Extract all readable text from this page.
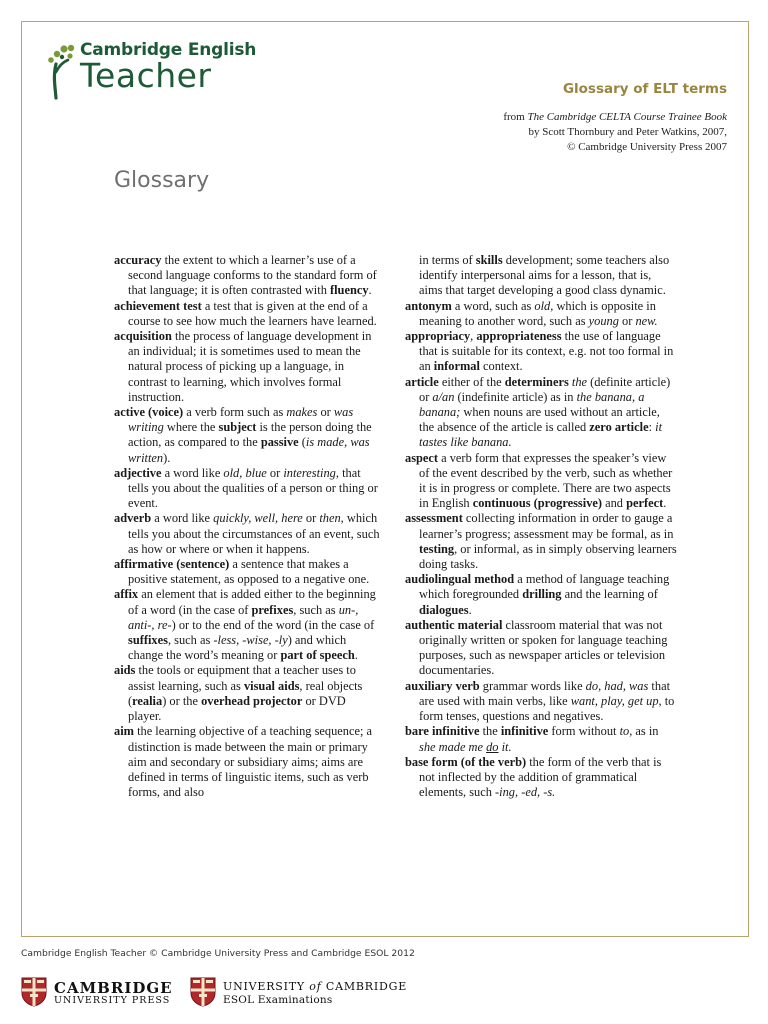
Cambridge English
Teacher	Glossary of ELT terms
from The Cambridge CELTA Course Trainee Book
by Scott Thornbury and Peter Watkins, 2007,
© Cambridge University Press 2007
Glossary

accuracy the extent to which a learner’s use of a second language conforms to the standard form of that language; it is often contrasted with fluency.

achievement test a test that is given at the end of a course to see how much the learners have learned.

acquisition the process of language development in an individual; it is sometimes used to mean the natural process of picking up a language, in contrast to learning, which involves formal instruction.

active (voice) a verb form such as makes or was writing where the subject is the person doing the action, as compared to the passive (is made, was written).

adjective a word like old, blue or interesting, that tells you about the qualities of a person or thing or event.

adverb a word like quickly, well, here or then, which tells you about the circumstances of an event, such as how or where or when it happens.

affirmative (sentence) a sentence that makes a positive statement, as opposed to a negative one.

affix an element that is added either to the beginning of a word (in the case of prefixes, such as un-, anti-, re-) or to the end of the word (in the case of suffixes, such as -less, -wise, -ly) and which change the word’s meaning or part of speech.

aids the tools or equipment that a teacher uses to assist learning, such as visual aids, real objects (realia) or the overhead projector or DVD player.

aim the learning objective of a teaching sequence; a distinction is made between the main or primary aim and secondary or subsidiary aims; aims are defined in terms of linguistic items, such as verb forms, and also

in terms of skills development; some teachers also identify interpersonal aims for a lesson, that is, aims that target developing a good class dynamic.

antonym a word, such as old, which is opposite in meaning to another word, such as young or new.

appropriacy, appropriateness the use of language that is suitable for its context, e.g. not too formal in an informal context.

article either of the determiners the (definite article) or a/an (indefinite article) as in the banana, a banana; when nouns are used without an article, the absence of the article is called zero article: it tastes like banana.

aspect a verb form that expresses the speaker’s view of the event described by the verb, such as whether it is in progress or complete. There are two aspects in English continuous (progressive) and perfect.

assessment collecting information in order to gauge a learner’s progress; assessment may be formal, as in testing, or informal, as in simply observing learners doing tasks.

audiolingual method a method of language teaching which foregrounded drilling and the learning of dialogues.

authentic material classroom material that was not originally written or spoken for language teaching purposes, such as newspaper articles or television documentaries.

auxiliary verb grammar words like do, had, was that are used with main verbs, like want, play, get up, to form tenses, questions and negatives.

bare infinitive the infinitive form without to, as in she made me do it.

base form (of the verb) the form of the verb that is not inflected by the addition of grammatical elements, such -ing, -ed, -s.

Cambridge English Teacher © Cambridge University Press and Cambridge ESOL 2012
CAMBRIDGE
UNIVERSITY PRESS
UNIVERSITY of CAMBRIDGE
ESOL Examinations
